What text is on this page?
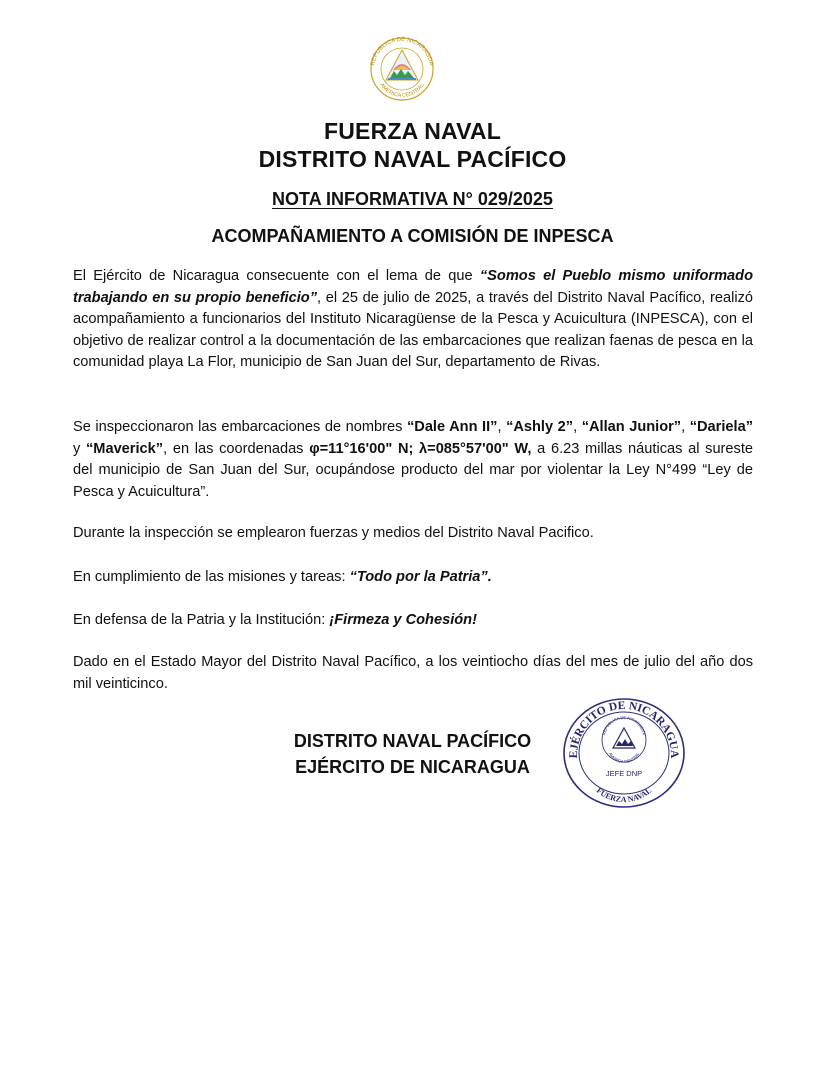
REPUBLICA DE NICARAGUA
AMERICA CENTRAL
FUERZA NAVAL
DISTRITO NAVAL PACÍFICO
NOTA INFORMATIVA N° 029/2025
ACOMPAÑAMIENTO A COMISIÓN DE INPESCA
El Ejército de Nicaragua consecuente con el lema de que “Somos el Pueblo mismo uniformado trabajando en su propio beneficio”, el 25 de julio de 2025, a través del Distrito Naval Pacífico, realizó acompañamiento a funcionarios del Instituto Nicaragüense de la Pesca y Acuicultura (INPESCA), con el objetivo de realizar control a la documentación de las embarcaciones que realizan faenas de pesca en la comunidad playa La Flor, municipio de San Juan del Sur, departamento de Rivas.
Se inspeccionaron las embarcaciones de nombres “Dale Ann II”, “Ashly 2”, “Allan Junior”, “Dariela” y “Maverick”, en las coordenadas φ=11°16'00" N; λ=085°57'00" W, a 6.23 millas náuticas al sureste del municipio de San Juan del Sur, ocupándose producto del mar por violentar la Ley N°499 “Ley de Pesca y Acuicultura”.
Durante la inspección se emplearon fuerzas y medios del Distrito Naval Pacifico.
En cumplimiento de las misiones y tareas: “Todo por la Patria”.
En defensa de la Patria y la Institución: ¡Firmeza y Cohesión!
Dado en el Estado Mayor del Distrito Naval Pacífico, a los veintiocho días del mes de julio del año dos mil veinticinco.
DISTRITO NAVAL PACÍFICO
EJÉRCITO DE NICARAGUA
EJÉRCITO DE NICARAGUA
FUERZA NAVAL
REPUBLICA DE NICARAGUA
AMERICA CENTRAL
JEFE DNP
